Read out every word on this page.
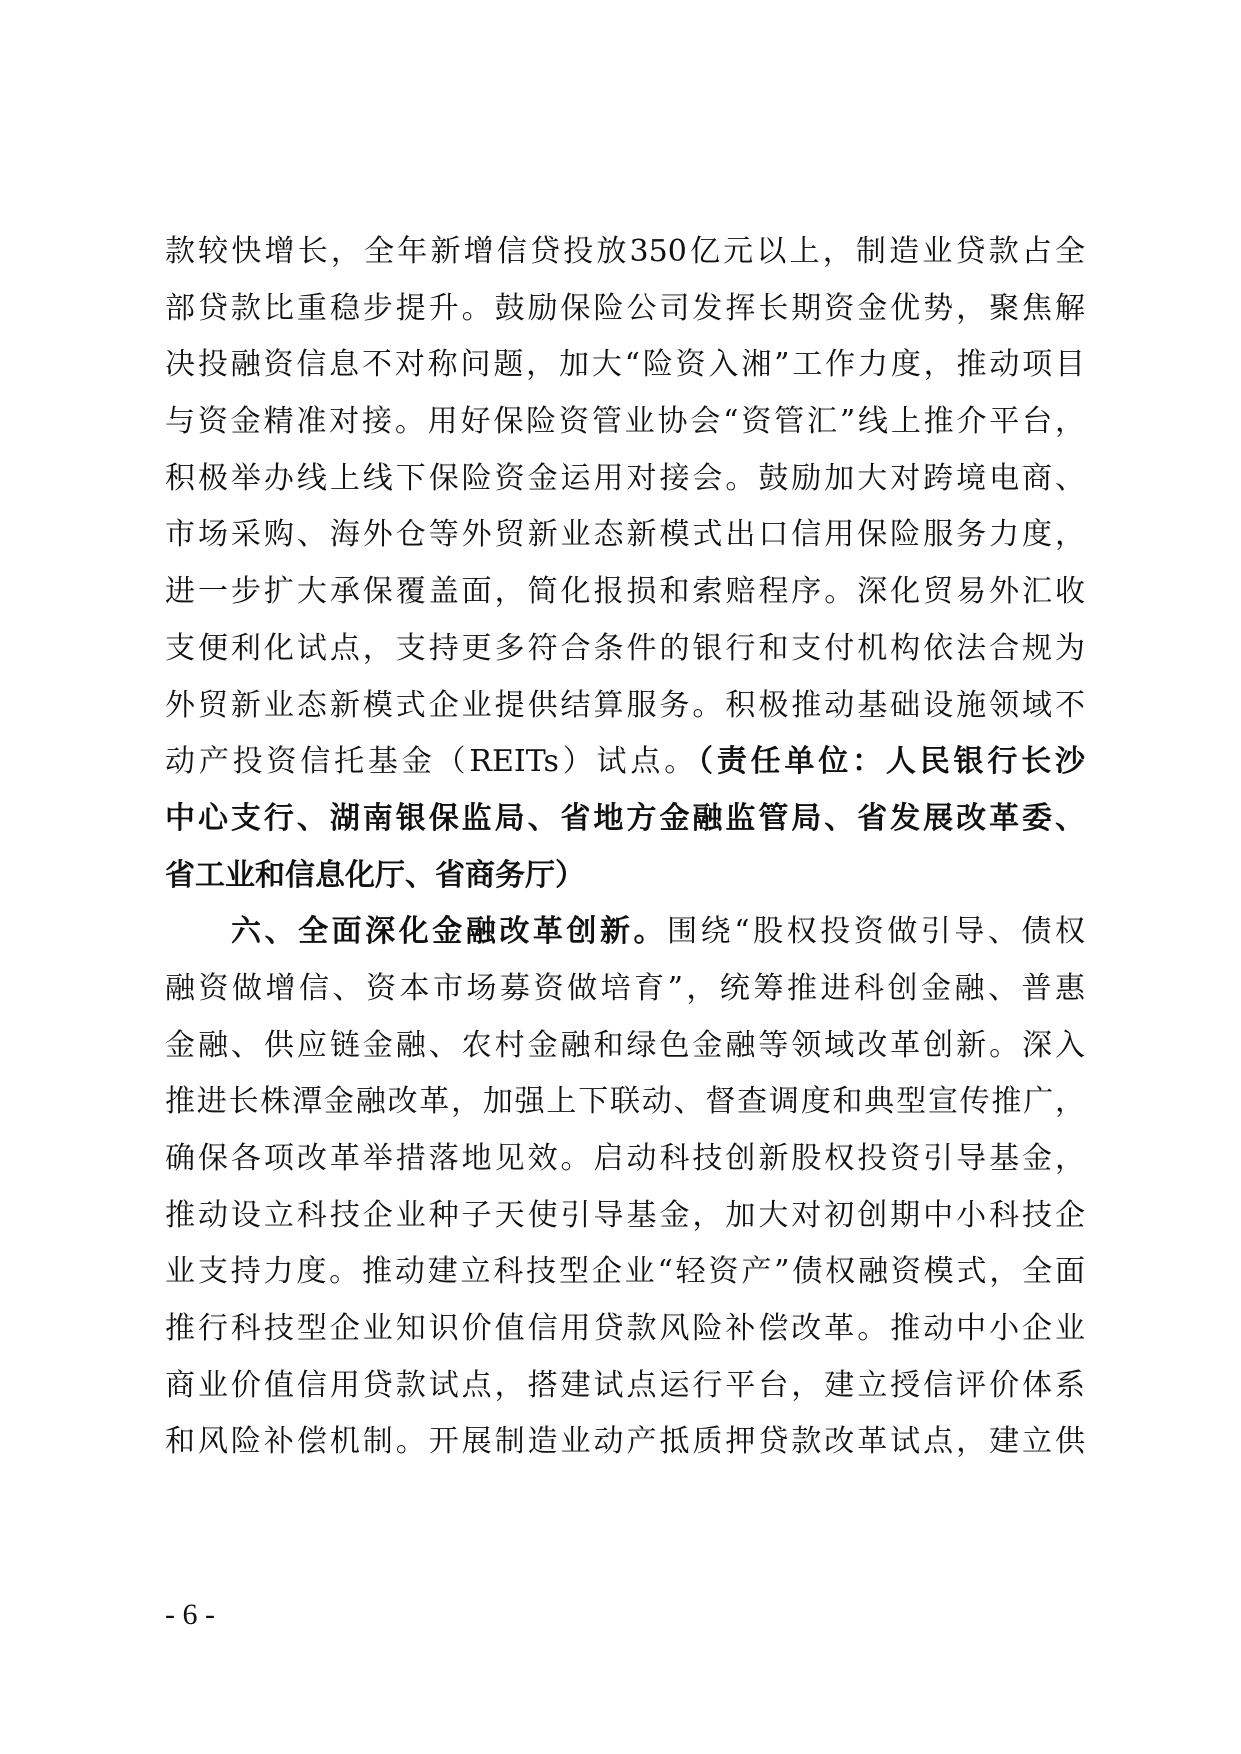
款较快增长，全年新增信贷投放350亿元以上，制造业贷款占全
部贷款比重稳步提升。鼓励保险公司发挥长期资金优势，聚焦解
决投融资信息不对称问题，加大“险资入湘”工作力度，推动项目
与资金精准对接。用好保险资管业协会“资管汇”线上推介平台，
积极举办线上线下保险资金运用对接会。鼓励加大对跨境电商、
市场采购、海外仓等外贸新业态新模式出口信用保险服务力度，
进一步扩大承保覆盖面，简化报损和索赔程序。深化贸易外汇收
支便利化试点，支持更多符合条件的银行和支付机构依法合规为
外贸新业态新模式企业提供结算服务。积极推动基础设施领域不
动产投资信托基金（REITs）试点。（责任单位：人民银行长沙
中心支行、湖南银保监局、省地方金融监管局、省发展改革委、
省工业和信息化厅、省商务厅）
六、全面深化金融改革创新。围绕“股权投资做引导、债权
融资做增信、资本市场募资做培育”，统筹推进科创金融、普惠
金融、供应链金融、农村金融和绿色金融等领域改革创新。深入
推进长株潭金融改革，加强上下联动、督查调度和典型宣传推广，
确保各项改革举措落地见效。启动科技创新股权投资引导基金，
推动设立科技企业种子天使引导基金，加大对初创期中小科技企
业支持力度。推动建立科技型企业“轻资产”债权融资模式，全面
推行科技型企业知识价值信用贷款风险补偿改革。推动中小企业
商业价值信用贷款试点，搭建试点运行平台，建立授信评价体系
和风险补偿机制。开展制造业动产抵质押贷款改革试点，建立供
- 6 -
